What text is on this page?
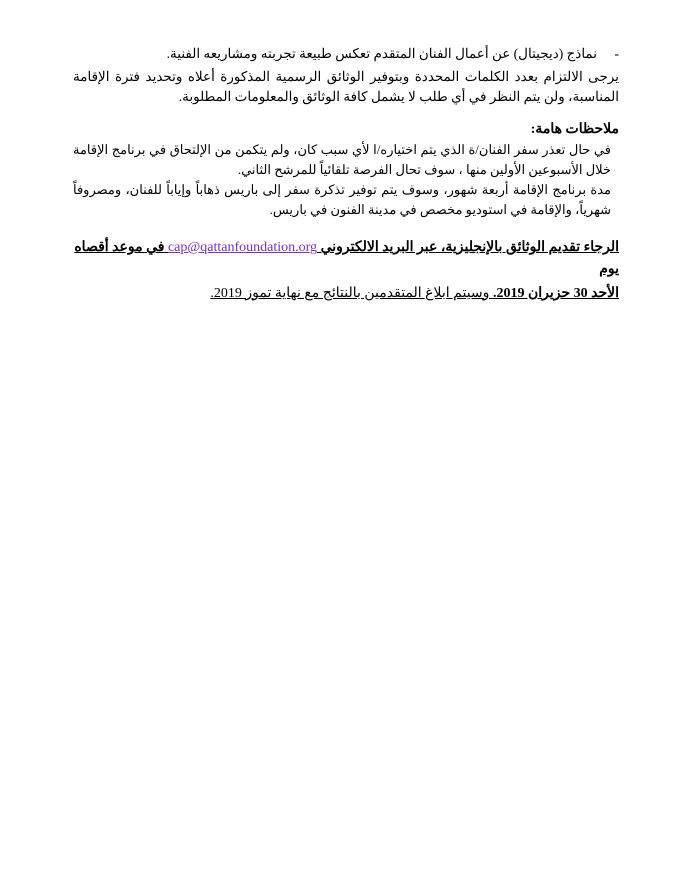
-
نماذج (ديجيتال) عن أعمال الفنان المتقدم تعكس طبيعة تجربته ومشاريعه الفنية.

يرجى الالتزام بعدد الكلمات المحددة وبتوفير الوثائق الرسمية المذكورة أعلاه وتحديد فترة الإقامة المناسبة، ولن يتم النظر في أي طلب لا يشمل كافة الوثائق والمعلومات المطلوبة.

ملاحظات هامة:

في حال تعذر سفر الفنان/ة الذي يتم اختياره/ا لأي سبب كان، ولم يتكمن من الإلتحاق في برنامج الإقامة خلال الأسبوعين الأولين منها ، سوف تحال الفرصة تلقائياً للمرشح الثاني.

مدة برنامج الإقامة أربعة شهور، وسوف يتم توفير تذكرة سفر إلى باريس ذهاباً وإياباً للفنان، ومصروفاً شهرياً، والإقامة في استوديو مخصص في مدينة الفنون في باريس.

الرجاء تقديم الوثائق بالإنجليزية، عبر البريد الالكتروني cap@qattanfoundation.org في موعد أقصاه يوم
الأحد 30 حزيران 2019. وسيتم ابلاغ المتقدمين بالنتائج مع نهاية تموز 2019.
